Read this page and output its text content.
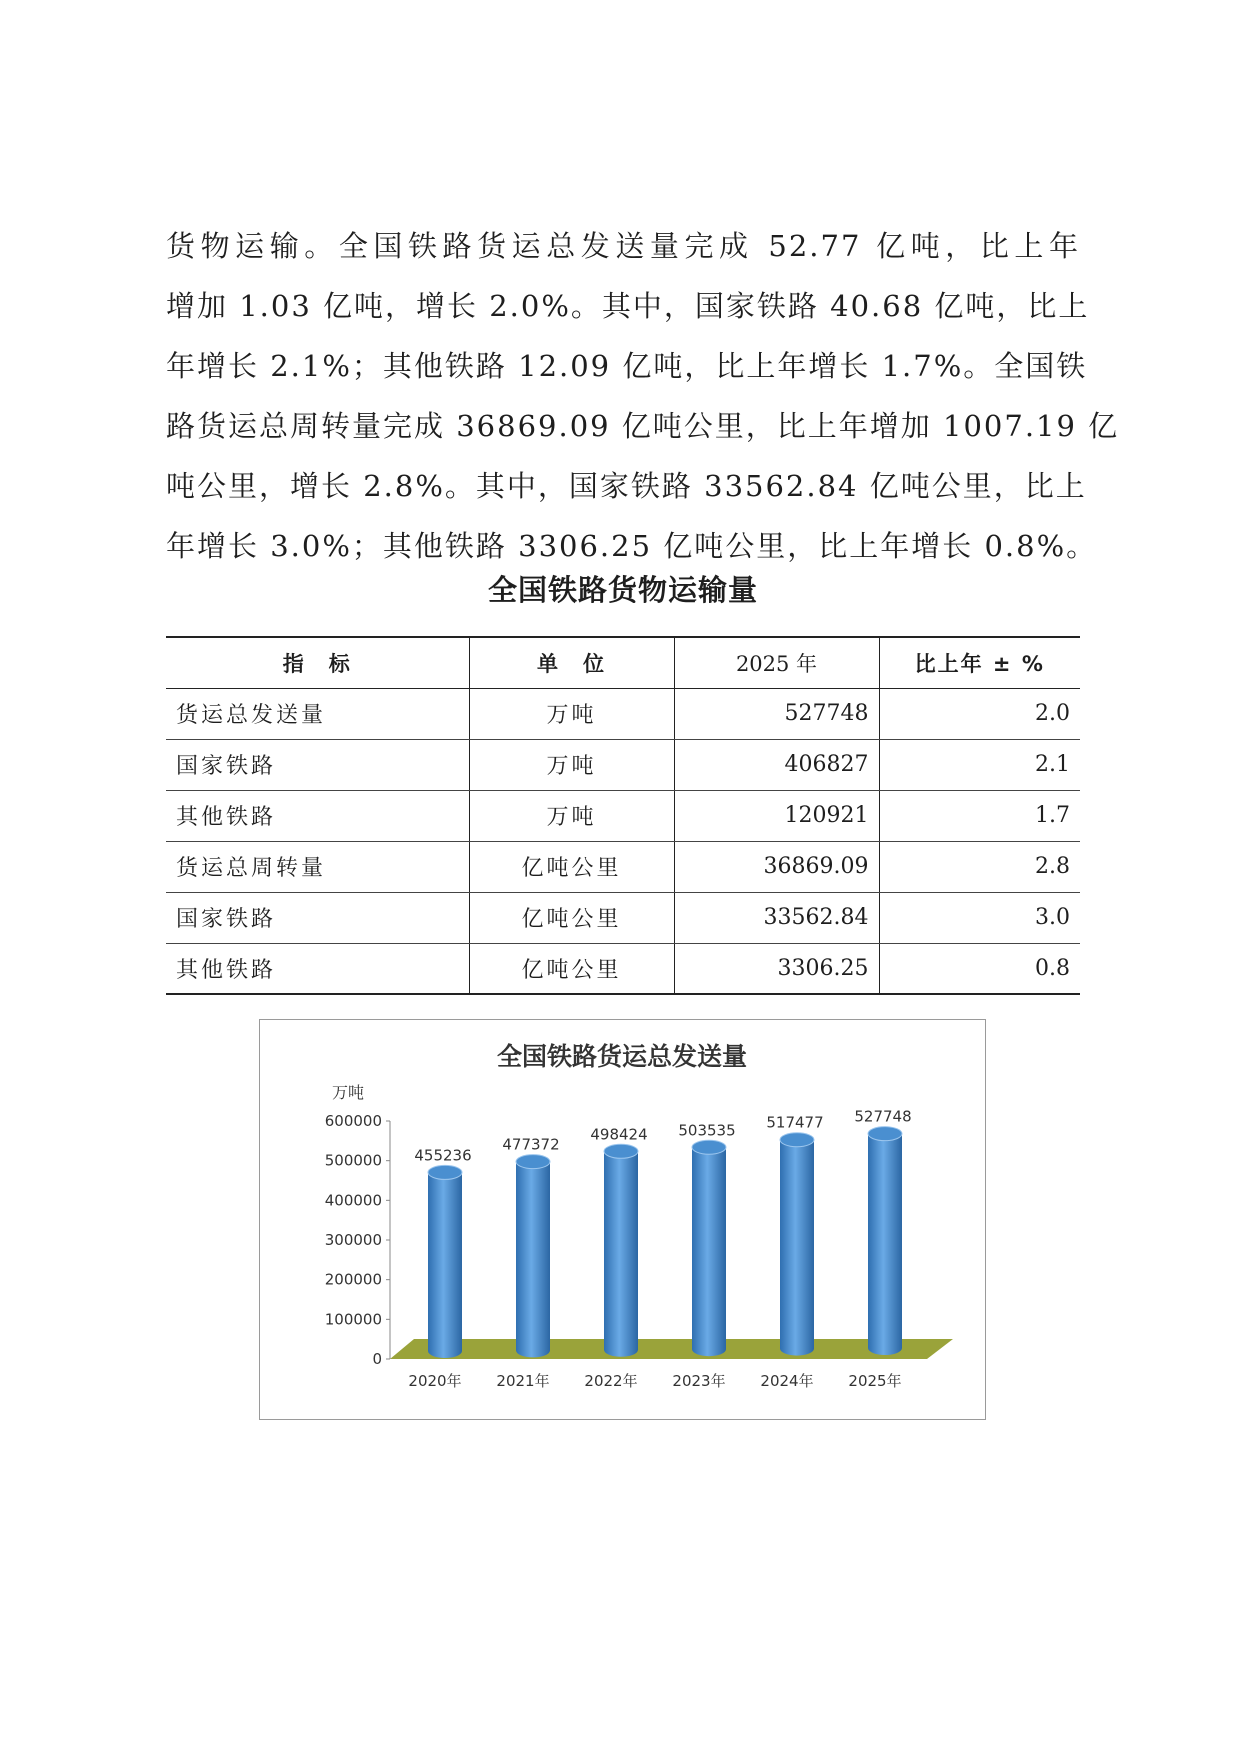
货物运输。全国铁路货运总发送量完成 52.77 亿吨，比上年
增加 1.03 亿吨，增长 2.0%。其中，国家铁路 40.68 亿吨，比上
年增长 2.1%；其他铁路 12.09 亿吨，比上年增长 1.7%。全国铁
路货运总周转量完成 36869.09 亿吨公里，比上年增加 1007.19 亿
吨公里，增长 2.8%。其中，国家铁路 33562.84 亿吨公里，比上
年增长 3.0%；其他铁路 3306.25 亿吨公里，比上年增长 0.8%。
全国铁路货物运输量
指　标	单　位	2025 年	比上年 ± %
货运总发送量	万吨	527748	2.0
国家铁路	万吨	406827	2.1
其他铁路	万吨	120921	1.7
货运总周转量	亿吨公里	36869.09	2.8
国家铁路	亿吨公里	33562.84	3.0
其他铁路	亿吨公里	3306.25	0.8
全国铁路货运总发送量
万吨
0
100000
200000
300000
400000
500000
600000
455236
477372
498424 503535 517477 527748
2020年 2021年 2022年 2023年 2024年 2025年
